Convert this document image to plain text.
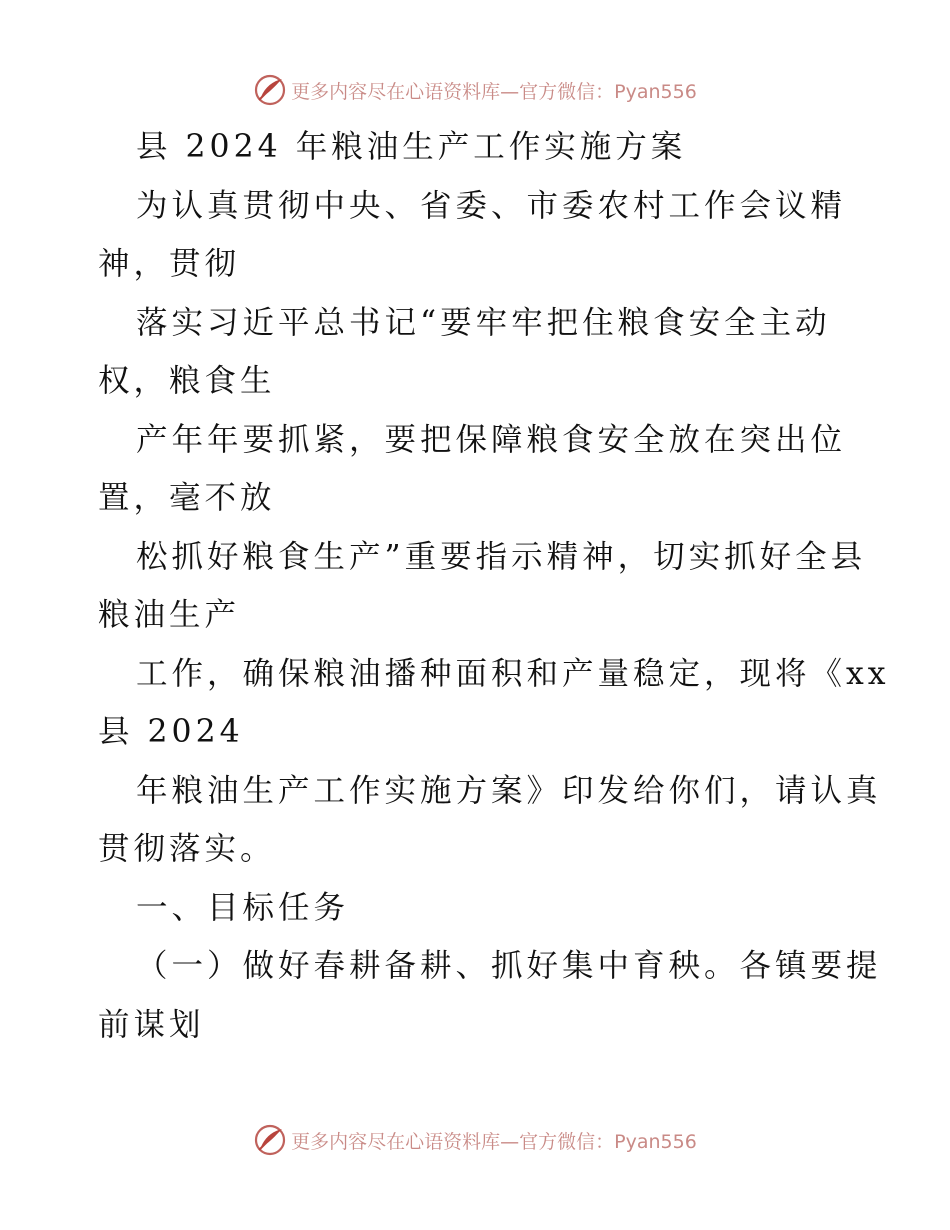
更多内容尽在心语资料库—官方微信：Pyan556
县 2024 年粮油生产工作实施方案
为认真贯彻中央、省委、市委农村工作会议精
神，贯彻
落实习近平总书记“要牢牢把住粮食安全主动
权，粮食生
产年年要抓紧，要把保障粮食安全放在突出位
置，毫不放
松抓好粮食生产”重要指示精神，切实抓好全县
粮油生产
工作，确保粮油播种面积和产量稳定，现将《xx
县 2024
年粮油生产工作实施方案》印发给你们，请认真
贯彻落实。
一、目标任务
（一）做好春耕备耕、抓好集中育秧。各镇要提
前谋划
更多内容尽在心语资料库—官方微信：Pyan556
